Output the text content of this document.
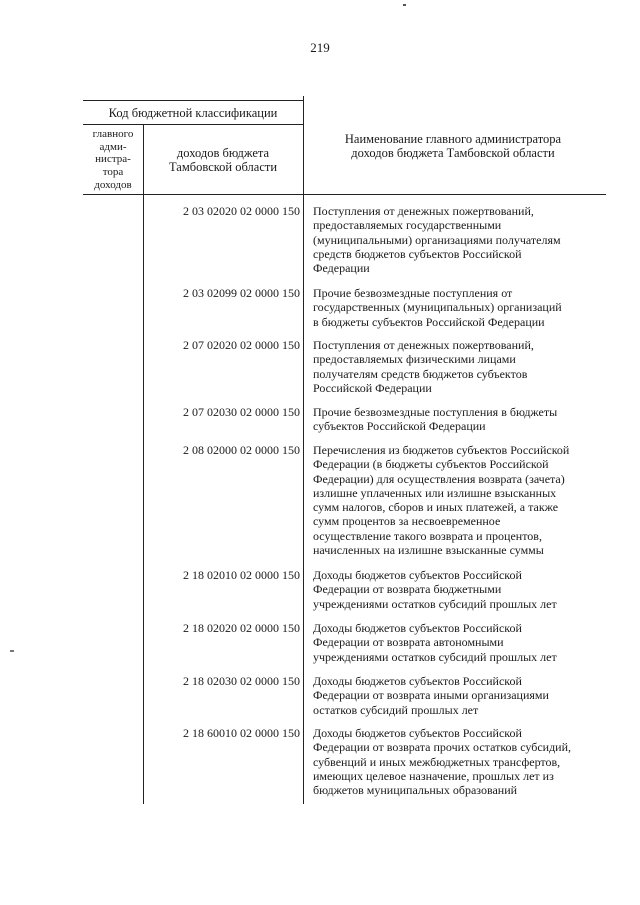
219
Код бюджетной классификации
главного
адми-
нистра-
тора
доходов
доходов бюджета
Тамбовской области
Наименование главного администратора
доходов бюджета Тамбовской области
2 03 02020 02 0000 150 Поступления от денежных пожертвований,
предоставляемых государственными
(муниципальными) организациями получателям
средств бюджетов субъектов Российской
Федерации
2 03 02099 02 0000 150 Прочие безвозмездные поступления от
государственных (муниципальных) организаций
в бюджеты субъектов Российской Федерации
2 07 02020 02 0000 150 Поступления от денежных пожертвований,
предоставляемых физическими лицами
получателям средств бюджетов субъектов
Российской Федерации
2 07 02030 02 0000 150 Прочие безвозмездные поступления в бюджеты
субъектов Российской Федерации
2 08 02000 02 0000 150 Перечисления из бюджетов субъектов Российской
Федерации (в бюджеты субъектов Российской
Федерации) для осуществления возврата (зачета)
излишне уплаченных или излишне взысканных
сумм налогов, сборов и иных платежей, а также
сумм процентов за несвоевременное
осуществление такого возврата и процентов,
начисленных на излишне взысканные суммы
2 18 02010 02 0000 150 Доходы бюджетов субъектов Российской
Федерации от возврата бюджетными
учреждениями остатков субсидий прошлых лет
2 18 02020 02 0000 150 Доходы бюджетов субъектов Российской
Федерации от возврата автономными
учреждениями остатков субсидий прошлых лет
2 18 02030 02 0000 150 Доходы бюджетов субъектов Российской
Федерации от возврата иными организациями
остатков субсидий прошлых лет
2 18 60010 02 0000 150 Доходы бюджетов субъектов Российской
Федерации от возврата прочих остатков субсидий,
субвенций и иных межбюджетных трансфертов,
имеющих целевое назначение, прошлых лет из
бюджетов муниципальных образований
